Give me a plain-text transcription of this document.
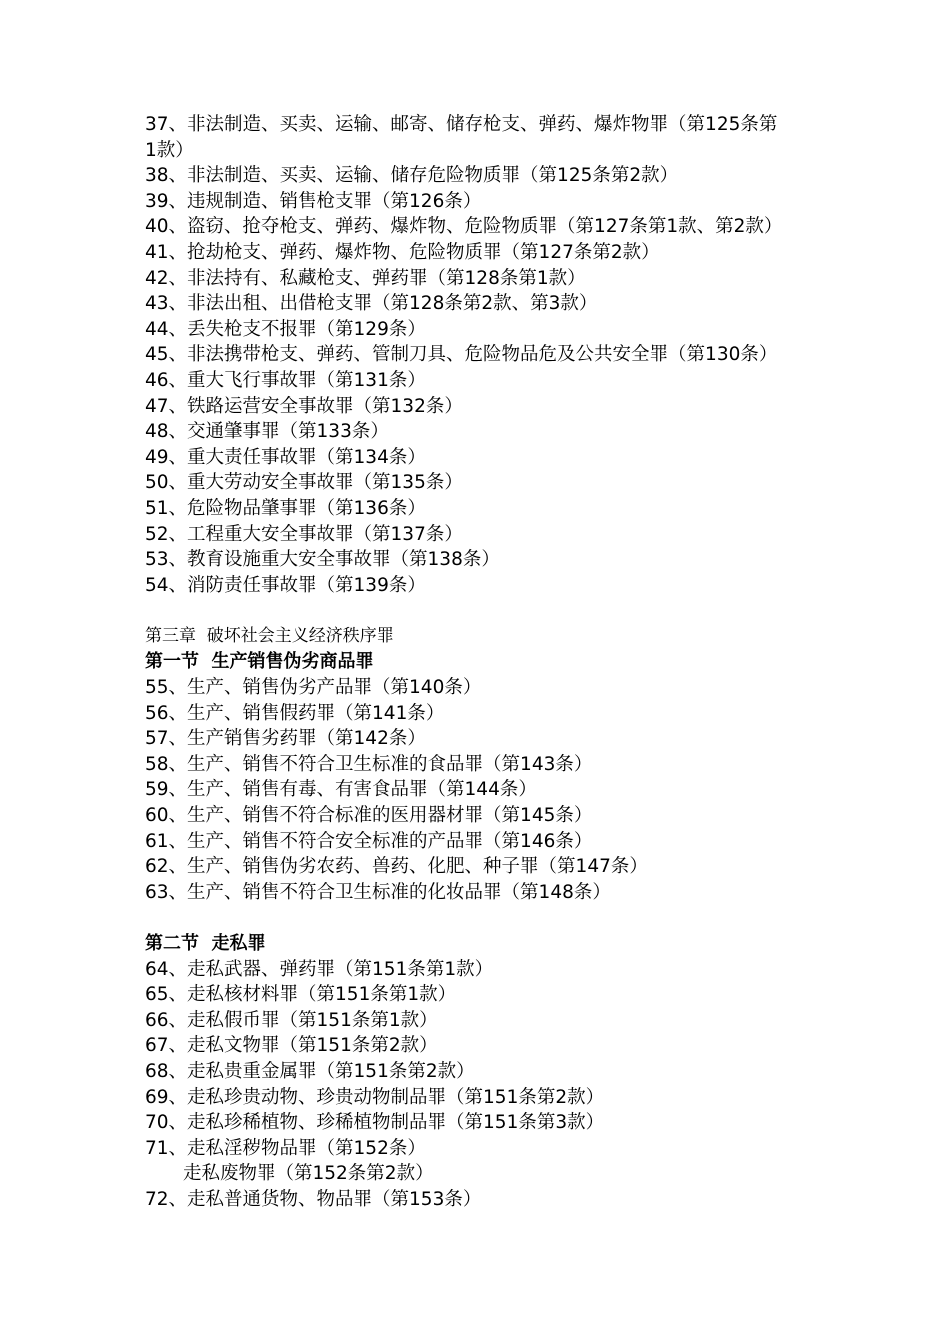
37、非法制造、买卖、运输、邮寄、储存枪支、弹药、爆炸物罪（第125条第
1款）
38、非法制造、买卖、运输、储存危险物质罪（第125条第2款）
39、违规制造、销售枪支罪（第126条）
40、盗窃、抢夺枪支、弹药、爆炸物、危险物质罪（第127条第1款、第2款）
41、抢劫枪支、弹药、爆炸物、危险物质罪（第127条第2款）
42、非法持有、私藏枪支、弹药罪（第128条第1款）
43、非法出租、出借枪支罪（第128条第2款、第3款）
44、丢失枪支不报罪（第129条）
45、非法携带枪支、弹药、管制刀具、危险物品危及公共安全罪（第130条）
46、重大飞行事故罪（第131条）
47、铁路运营安全事故罪（第132条）
48、交通肇事罪（第133条）
49、重大责任事故罪（第134条）
50、重大劳动安全事故罪（第135条）
51、危险物品肇事罪（第136条）
52、工程重大安全事故罪（第137条）
53、教育设施重大安全事故罪（第138条）
54、消防责任事故罪（第139条）
第三章  破坏社会主义经济秩序罪
第一节  生产销售伪劣商品罪
55、生产、销售伪劣产品罪（第140条）
56、生产、销售假药罪（第141条）
57、生产销售劣药罪（第142条）
58、生产、销售不符合卫生标准的食品罪（第143条）
59、生产、销售有毒、有害食品罪（第144条）
60、生产、销售不符合标准的医用器材罪（第145条）
61、生产、销售不符合安全标准的产品罪（第146条）
62、生产、销售伪劣农药、兽药、化肥、种子罪（第147条）
63、生产、销售不符合卫生标准的化妆品罪（第148条）
第二节  走私罪
64、走私武器、弹药罪（第151条第1款）
65、走私核材料罪（第151条第1款）
66、走私假币罪（第151条第1款）
67、走私文物罪（第151条第2款）
68、走私贵重金属罪（第151条第2款）
69、走私珍贵动物、珍贵动物制品罪（第151条第2款）
70、走私珍稀植物、珍稀植物制品罪（第151条第3款）
71、走私淫秽物品罪（第152条）
走私废物罪（第152条第2款）
72、走私普通货物、物品罪（第153条）
